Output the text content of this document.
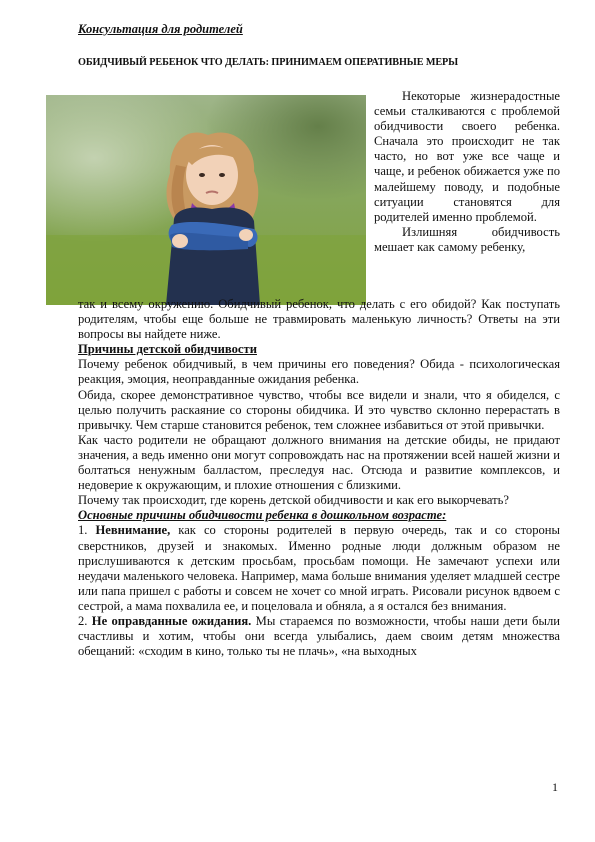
Консультация для родителей
ОБИДЧИВЫЙ РЕБЕНОК ЧТО ДЕЛАТЬ: ПРИНИМАЕМ ОПЕРАТИВНЫЕ МЕРЫ

Некоторые жизнерадостные семьи сталкиваются с проблемой обидчивости своего ребенка. Сначала это происходит не так часто, но вот уже все чаще и чаще, и ребенок обижается уже по малейшему поводу, и подобные ситуации становятся для родителей именно проблемой.

Излишняя обидчивость мешает как самому ребенку,

так и всему окружению. Обидчивый ребенок, что делать с его обидой? Как поступать родителям, чтобы еще больше не травмировать маленькую личность? Ответы на эти вопросы вы найдете ниже.

Причины детской обидчивости

Почему ребенок обидчивый, в чем причины его поведения? Обида - психологическая реакция, эмоция, неоправданные ожидания ребенка.

Обида, скорее демонстративное чувство, чтобы все видели и знали, что я обиделся, с целью получить раскаяние со стороны обидчика. И это чувство склонно перерастать в привычку. Чем старше становится ребенок, тем сложнее избавиться от этой привычки.

Как часто родители не обращают должного внимания на детские обиды, не придают значения, а ведь именно они могут сопровождать нас на протяжении всей нашей жизни и болтаться ненужным балластом, преследуя нас. Отсюда и развитие комплексов, и недоверие к окружающим, и плохие отношения с близкими.

Почему так происходит, где корень детской обидчивости и как его выкорчевать?

Основные причины обидчивости ребенка в дошкольном возрасте:

1. Невнимание, как со стороны родителей в первую очередь, так и со стороны сверстников, друзей и знакомых. Именно родные люди должным образом не прислушиваются к детским просьбам, просьбам помощи. Не замечают успехи или неудачи маленького человека. Например, мама больше внимания уделяет младшей сестре или папа пришел с работы и совсем не хочет со мной играть. Рисовали рисунок вдвоем с сестрой, а мама похвалила ее, и поцеловала и обняла, а я остался без внимания.

2. Не оправданные ожидания. Мы стараемся по возможности, чтобы наши дети были счастливы и хотим, чтобы они всегда улыбались, даем своим детям множества обещаний: «сходим в кино, только ты не плачь», «на выходных

1
